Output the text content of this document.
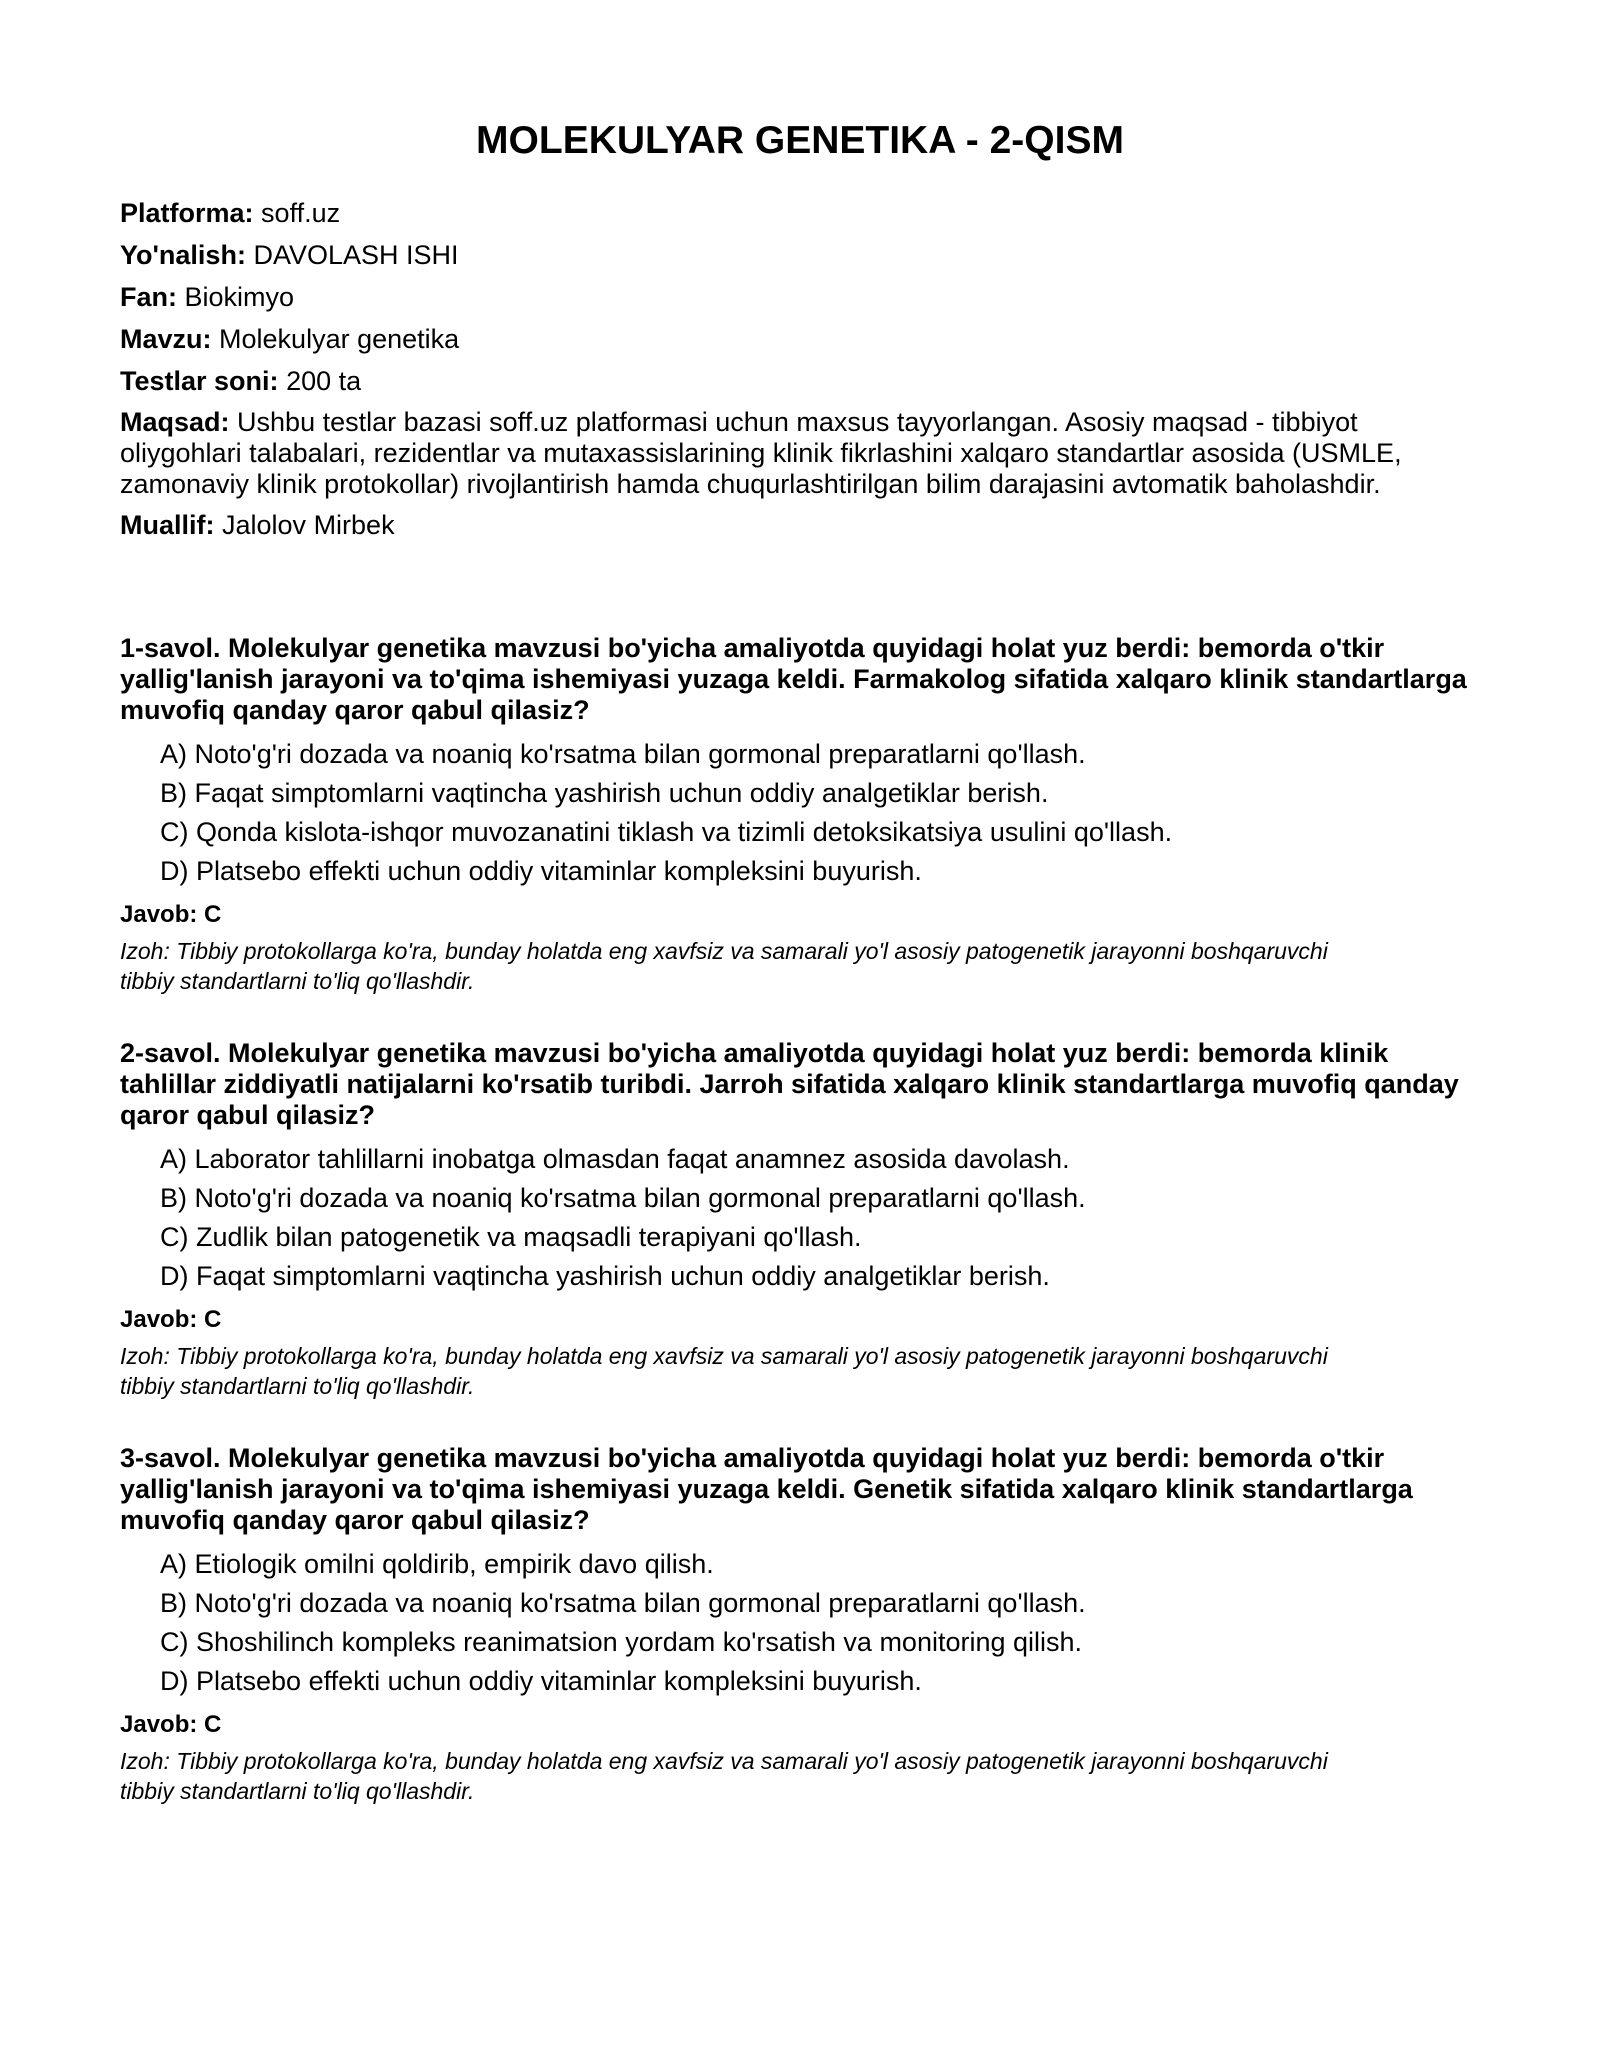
MOLEKULYAR GENETIKA - 2-QISM

Platforma: soff.uz

Yo'nalish: DAVOLASH ISHI

Fan: Biokimyo

Mavzu: Molekulyar genetika

Testlar soni: 200 ta

Maqsad: Ushbu testlar bazasi soff.uz platformasi uchun maxsus tayyorlangan. Asosiy maqsad - tibbiyot oliygohlari talabalari, rezidentlar va mutaxassislarining klinik fikrlashini xalqaro standartlar asosida (USMLE, zamonaviy klinik protokollar) rivojlantirish hamda chuqurlashtirilgan bilim darajasini avtomatik baholashdir.

Muallif: Jalolov Mirbek

1-savol. Molekulyar genetika mavzusi bo'yicha amaliyotda quyidagi holat yuz berdi: bemorda o'tkir yallig'lanish jarayoni va to'qima ishemiyasi yuzaga keldi. Farmakolog sifatida xalqaro klinik standartlarga muvofiq qanday qaror qabul qilasiz?

A) Noto'g'ri dozada va noaniq ko'rsatma bilan gormonal preparatlarni qo'llash.

B) Faqat simptomlarni vaqtincha yashirish uchun oddiy analgetiklar berish.

C) Qonda kislota-ishqor muvozanatini tiklash va tizimli detoksikatsiya usulini qo'llash.

D) Platsebo effekti uchun oddiy vitaminlar kompleksini buyurish.

Javob: C

Izoh: Tibbiy protokollarga ko'ra, bunday holatda eng xavfsiz va samarali yo'l asosiy patogenetik jarayonni boshqaruvchi tibbiy standartlarni to'liq qo'llashdir.

2-savol. Molekulyar genetika mavzusi bo'yicha amaliyotda quyidagi holat yuz berdi: bemorda klinik tahlillar ziddiyatli natijalarni ko'rsatib turibdi. Jarroh sifatida xalqaro klinik standartlarga muvofiq qanday qaror qabul qilasiz?

A) Laborator tahlillarni inobatga olmasdan faqat anamnez asosida davolash.

B) Noto'g'ri dozada va noaniq ko'rsatma bilan gormonal preparatlarni qo'llash.

C) Zudlik bilan patogenetik va maqsadli terapiyani qo'llash.

D) Faqat simptomlarni vaqtincha yashirish uchun oddiy analgetiklar berish.

Javob: C

Izoh: Tibbiy protokollarga ko'ra, bunday holatda eng xavfsiz va samarali yo'l asosiy patogenetik jarayonni boshqaruvchi tibbiy standartlarni to'liq qo'llashdir.

3-savol. Molekulyar genetika mavzusi bo'yicha amaliyotda quyidagi holat yuz berdi: bemorda o'tkir yallig'lanish jarayoni va to'qima ishemiyasi yuzaga keldi. Genetik sifatida xalqaro klinik standartlarga muvofiq qanday qaror qabul qilasiz?

A) Etiologik omilni qoldirib, empirik davo qilish.

B) Noto'g'ri dozada va noaniq ko'rsatma bilan gormonal preparatlarni qo'llash.

C) Shoshilinch kompleks reanimatsion yordam ko'rsatish va monitoring qilish.

D) Platsebo effekti uchun oddiy vitaminlar kompleksini buyurish.

Javob: C

Izoh: Tibbiy protokollarga ko'ra, bunday holatda eng xavfsiz va samarali yo'l asosiy patogenetik jarayonni boshqaruvchi tibbiy standartlarni to'liq qo'llashdir.
